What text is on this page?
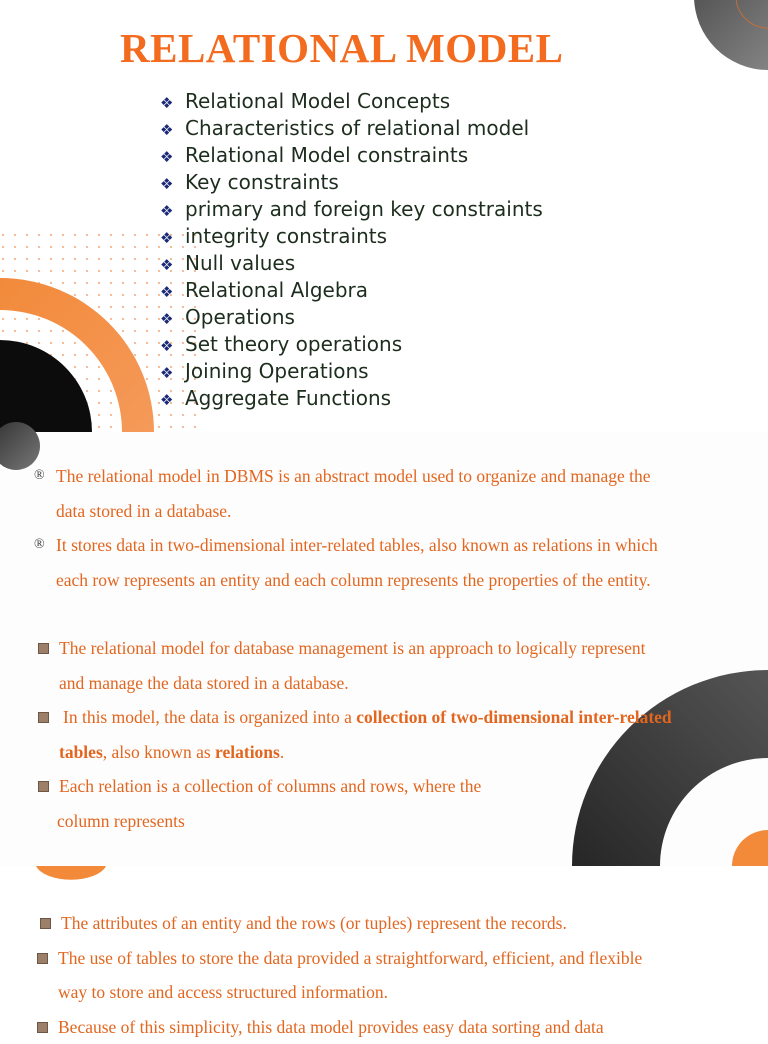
RELATIONAL MODEL
❖ Relational Model Concepts
❖ Characteristics of relational model
❖ Relational Model constraints
❖ Key constraints
❖ primary and foreign key constraints
❖ integrity constraints
❖ Null values
❖ Relational Algebra
❖ Operations
❖ Set theory operations
❖ Joining Operations
❖ Aggregate Functions
® The relational model in DBMS is an abstract model used to organize and manage the
data stored in a database.
® It stores data in two-dimensional inter-related tables, also known as relations in which
each row represents an entity and each column represents the properties of the entity.
The relational model for database management is an approach to logically represent
and manage the data stored in a database.
In this model, the data is organized into a collection of two-dimensional inter-related
tables, also known as relations.
Each relation is a collection of columns and rows, where the
column represents
The attributes of an entity and the rows (or tuples) represent the records.
The use of tables to store the data provided a straightforward, efficient, and flexible
way to store and access structured information.
Because of this simplicity, this data model provides easy data sorting and data
